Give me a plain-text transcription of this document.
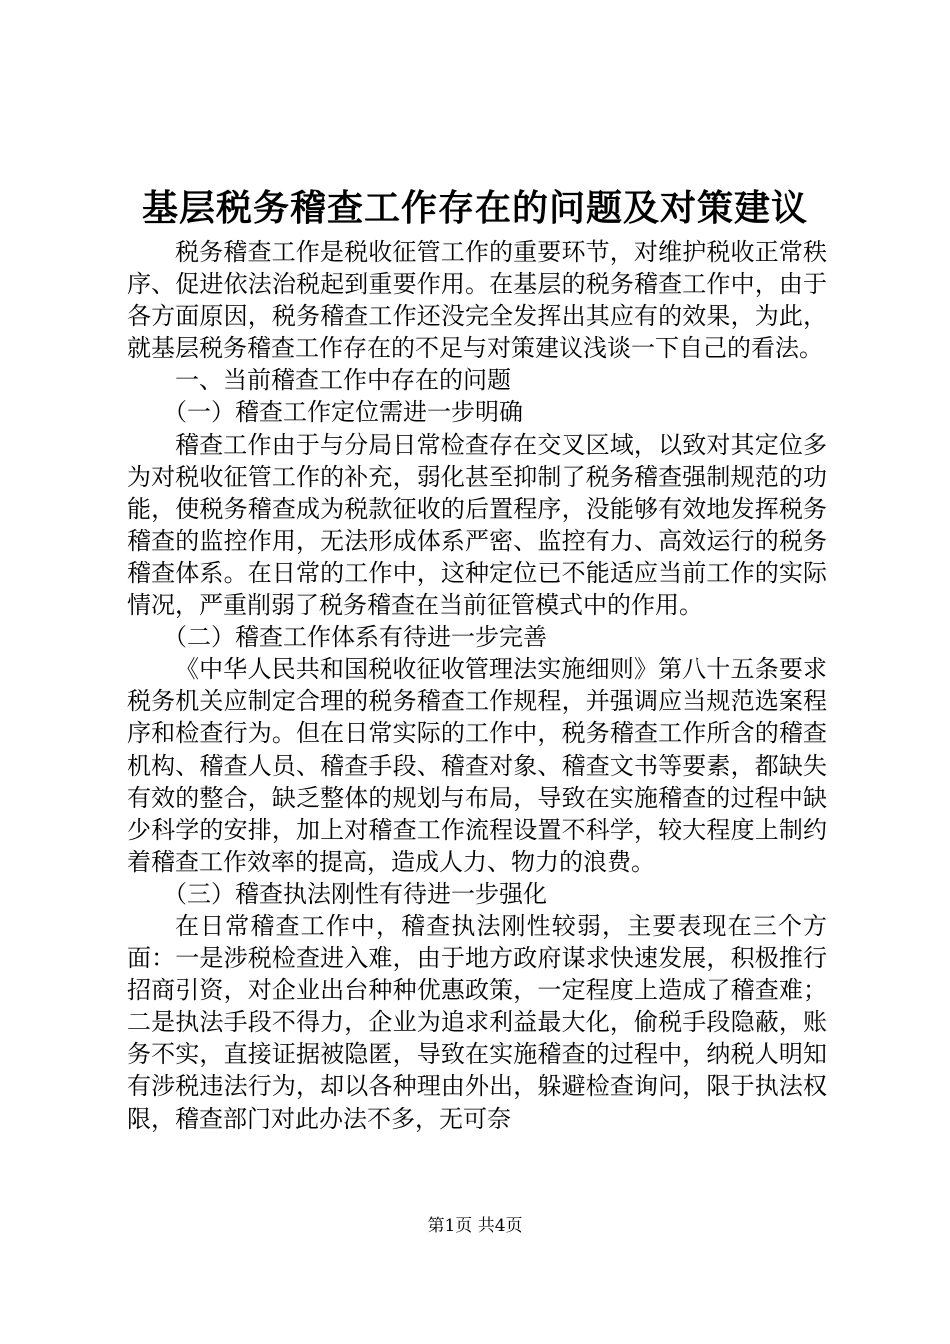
基层税务稽查工作存在的问题及对策建议

税务稽查工作是税收征管工作的重要环节，对维护税收正常秩序、促进依法治税起到重要作用。在基层的税务稽查工作中，由于各方面原因，税务稽查工作还没完全发挥出其应有的效果，为此，就基层税务稽查工作存在的不足与对策建议浅谈一下自己的看法。

一、当前稽查工作中存在的问题

（一）稽查工作定位需进一步明确

稽查工作由于与分局日常检查存在交叉区域，以致对其定位多为对税收征管工作的补充，弱化甚至抑制了税务稽查强制规范的功能，使税务稽查成为税款征收的后置程序，没能够有效地发挥税务稽查的监控作用，无法形成体系严密、监控有力、高效运行的税务稽查体系。在日常的工作中，这种定位已不能适应当前工作的实际情况，严重削弱了税务稽查在当前征管模式中的作用。

（二）稽查工作体系有待进一步完善

《中华人民共和国税收征收管理法实施细则》第八十五条要求税务机关应制定合理的税务稽查工作规程，并强调应当规范选案程序和检查行为。但在日常实际的工作中，税务稽查工作所含的稽查机构、稽查人员、稽查手段、稽查对象、稽查文书等要素，都缺失有效的整合，缺乏整体的规划与布局，导致在实施稽查的过程中缺少科学的安排，加上对稽查工作流程设置不科学，较大程度上制约着稽查工作效率的提高，造成人力、物力的浪费。

（三）稽查执法刚性有待进一步强化

在日常稽查工作中，稽查执法刚性较弱，主要表现在三个方面：一是涉税检查进入难，由于地方政府谋求快速发展，积极推行招商引资，对企业出台种种优惠政策，一定程度上造成了稽查难；二是执法手段不得力，企业为追求利益最大化，偷税手段隐蔽，账务不实，直接证据被隐匿，导致在实施稽查的过程中，纳税人明知有涉税违法行为，却以各种理由外出，躲避检查询问，限于执法权限，稽查部门对此办法不多，无可奈

第1页 共4页
